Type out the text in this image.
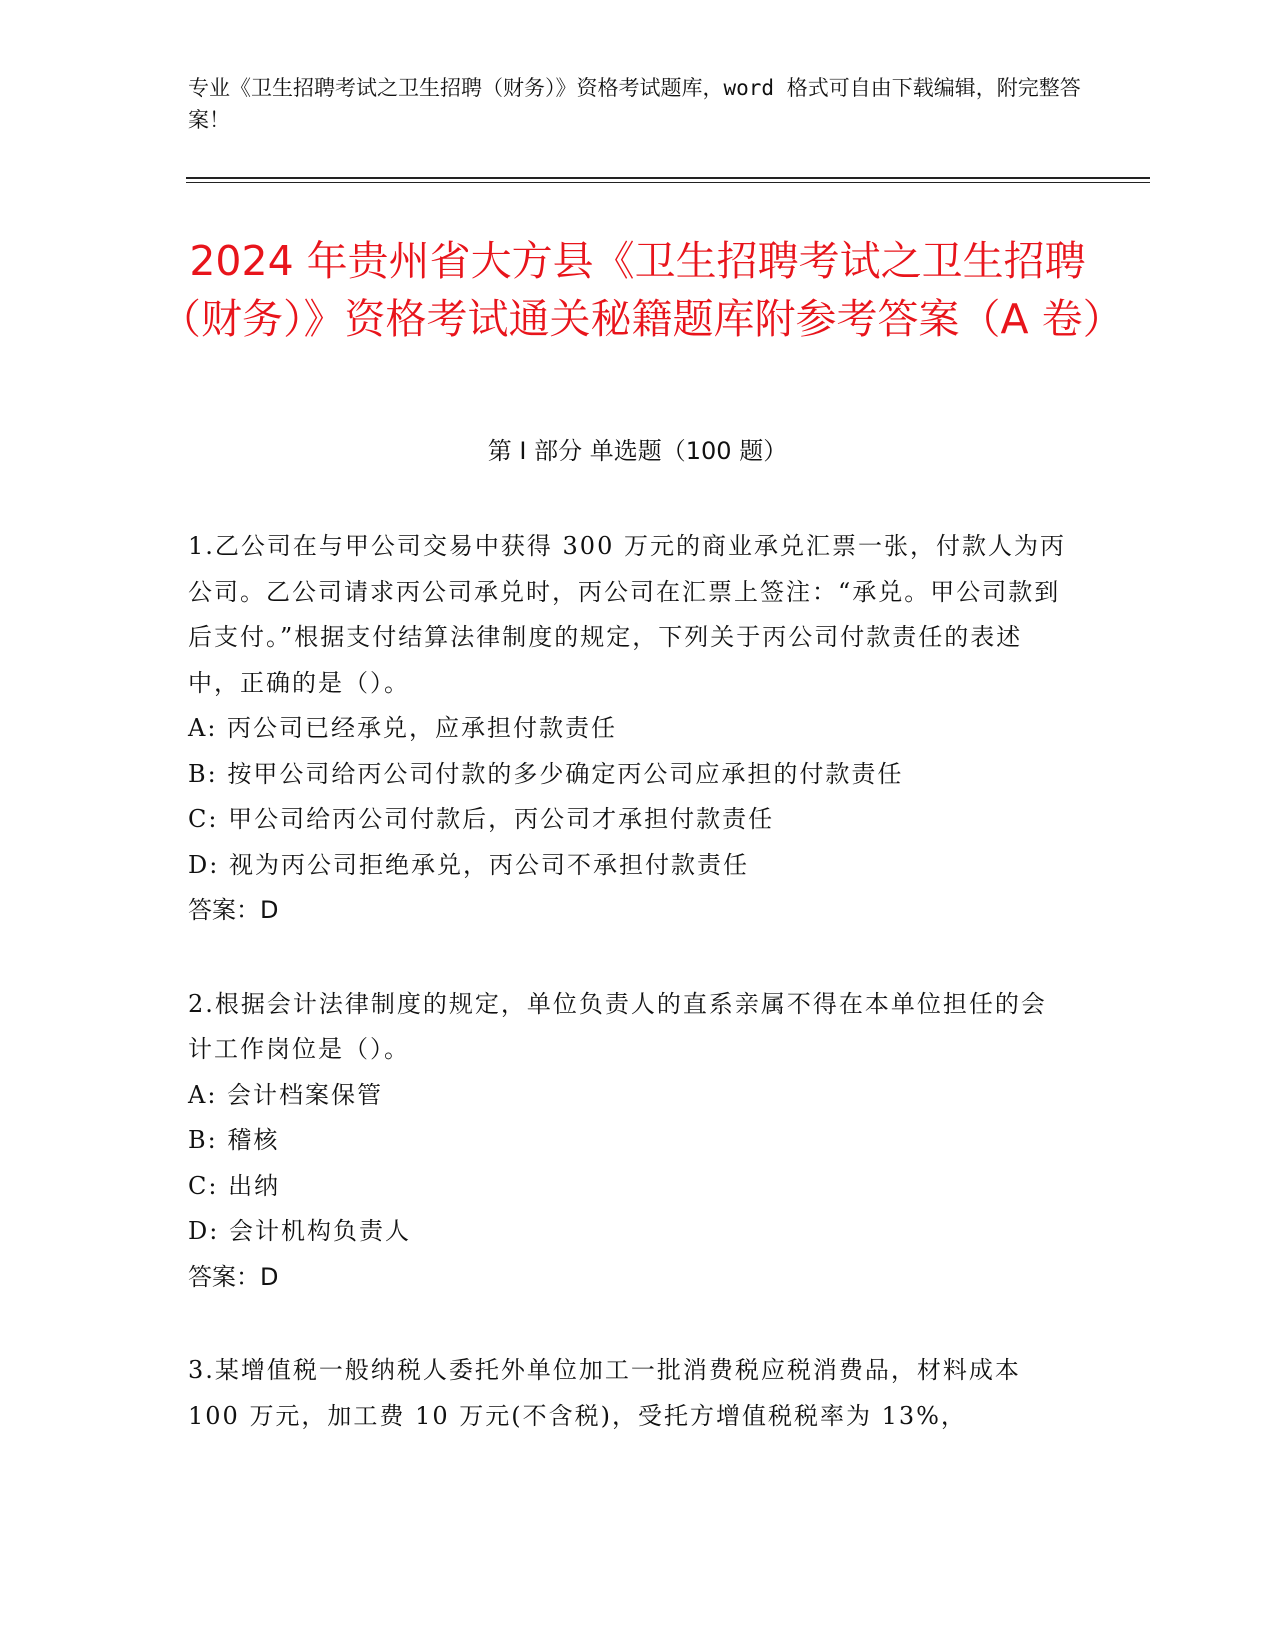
专业《卫生招聘考试之卫生招聘（财务）》资格考试题库，word 格式可自由下载编辑，附完整答案！
2024 年贵州省大方县《卫生招聘考试之卫生招聘（财务）》资格考试通关秘籍题库附参考答案（A 卷）
第 I 部分 单选题（100 题）
1.乙公司在与甲公司交易中获得 300 万元的商业承兑汇票一张，付款人为丙公司。乙公司请求丙公司承兑时，丙公司在汇票上签注：“承兑。甲公司款到后支付。”根据支付结算法律制度的规定，下列关于丙公司付款责任的表述中，正确的是（）。
A: 丙公司已经承兑，应承担付款责任
B: 按甲公司给丙公司付款的多少确定丙公司应承担的付款责任
C: 甲公司给丙公司付款后，丙公司才承担付款责任
D: 视为丙公司拒绝承兑，丙公司不承担付款责任
答案：D
2.根据会计法律制度的规定，单位负责人的直系亲属不得在本单位担任的会计工作岗位是（）。
A: 会计档案保管
B: 稽核
C: 出纳
D: 会计机构负责人
答案：D
3.某增值税一般纳税人委托外单位加工一批消费税应税消费品，材料成本 100 万元，加工费 10 万元(不含税)，受托方增值税税率为 13%，
